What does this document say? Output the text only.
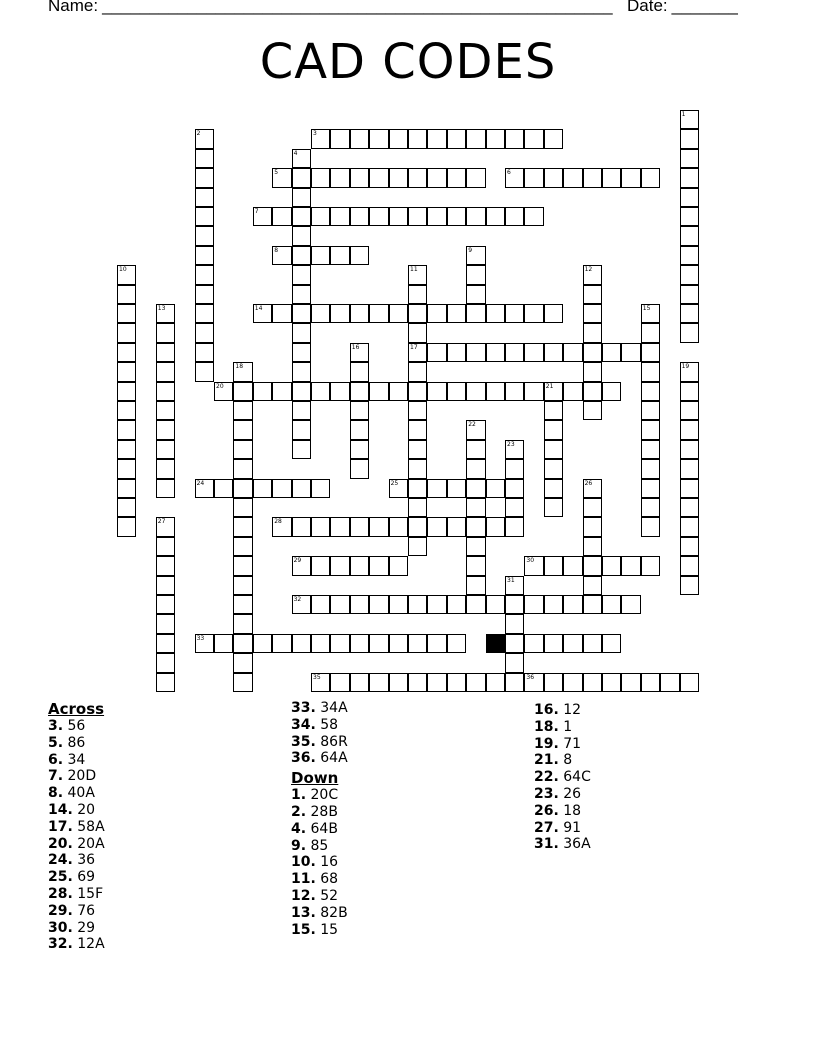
Name: ______________________________________________________ Date: _______
CAD CODES
1
2	3
4
5	6
7
8	9
10	11
17
12
13	14	15
16
18	19
20	21
22
23
24	25	26
27	28
29	30
31
32
33	34
35	36
Across
3. 56
5. 86
6. 34
7. 20D
8. 40A
14. 20
17. 58A
20. 20A
24. 36
25. 69
28. 15F
29. 76
30. 29
32. 12A
33. 34A
34. 58
35. 86R
36. 64A
Down
1. 20C
2. 28B
4. 64B
9. 85
10. 16
11. 68
12. 52
13. 82B
15. 15
16. 12
18. 1
19. 71
21. 8
22. 64C
23. 26
26. 18
27. 91
31. 36A
